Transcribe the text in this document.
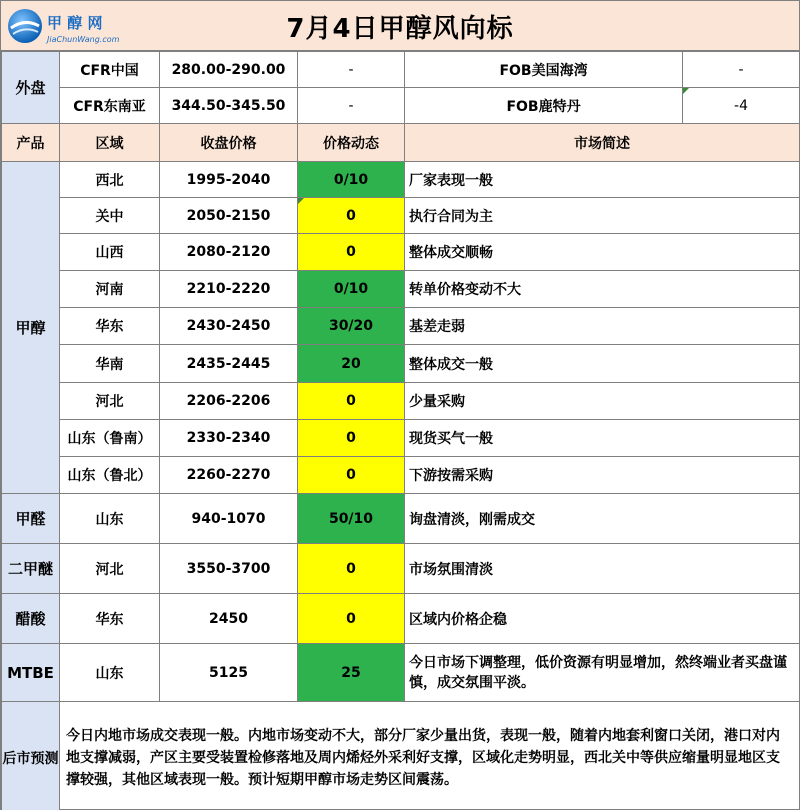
甲 醇 网
JiaChunWang.com	7月4日甲醇风向标
外盘	CFR中国	280.00-290.00	-	FOB美国海湾	-
	CFR东南亚	344.50-345.50	-	FOB鹿特丹	-4
产品	区域	收盘价格	价格动态	市场简述	
甲醇	西北	1995-2040	0/10	厂家表现一般	
	关中	2050-2150	0	执行合同为主	
	山西	2080-2120	0	整体成交顺畅	
	河南	2210-2220	0/10	转单价格变动不大	
	华东	2430-2450	30/20	基差走弱	
	华南	2435-2445	20	整体成交一般	
	河北	2206-2206	0	少量采购	
	山东（鲁南）	2330-2340	0	现货买气一般	
	山东（鲁北）	2260-2270	0	下游按需采购	
甲醛	山东	940-1070	50/10	询盘清淡，刚需成交	
二甲醚	河北	3550-3700	0	市场氛围清淡	
醋酸	华东	2450	0	区域内价格企稳	
MTBE	山东	5125	25	今日市场下调整理，低价资源有明显增加，然终端业者买盘谨慎，成交氛围平淡。	
后市预测	今日内地市场成交表现一般。内地市场变动不大，部分厂家少量出货，表现一般，随着内地套利窗口关闭，港口对内地支撑减弱，产区主要受装置检修落地及周内烯烃外采利好支撑，区域化走势明显，西北关中等供应缩量明显地区支撑较强，其他区域表现一般。预计短期甲醇市场走势区间震荡。				
